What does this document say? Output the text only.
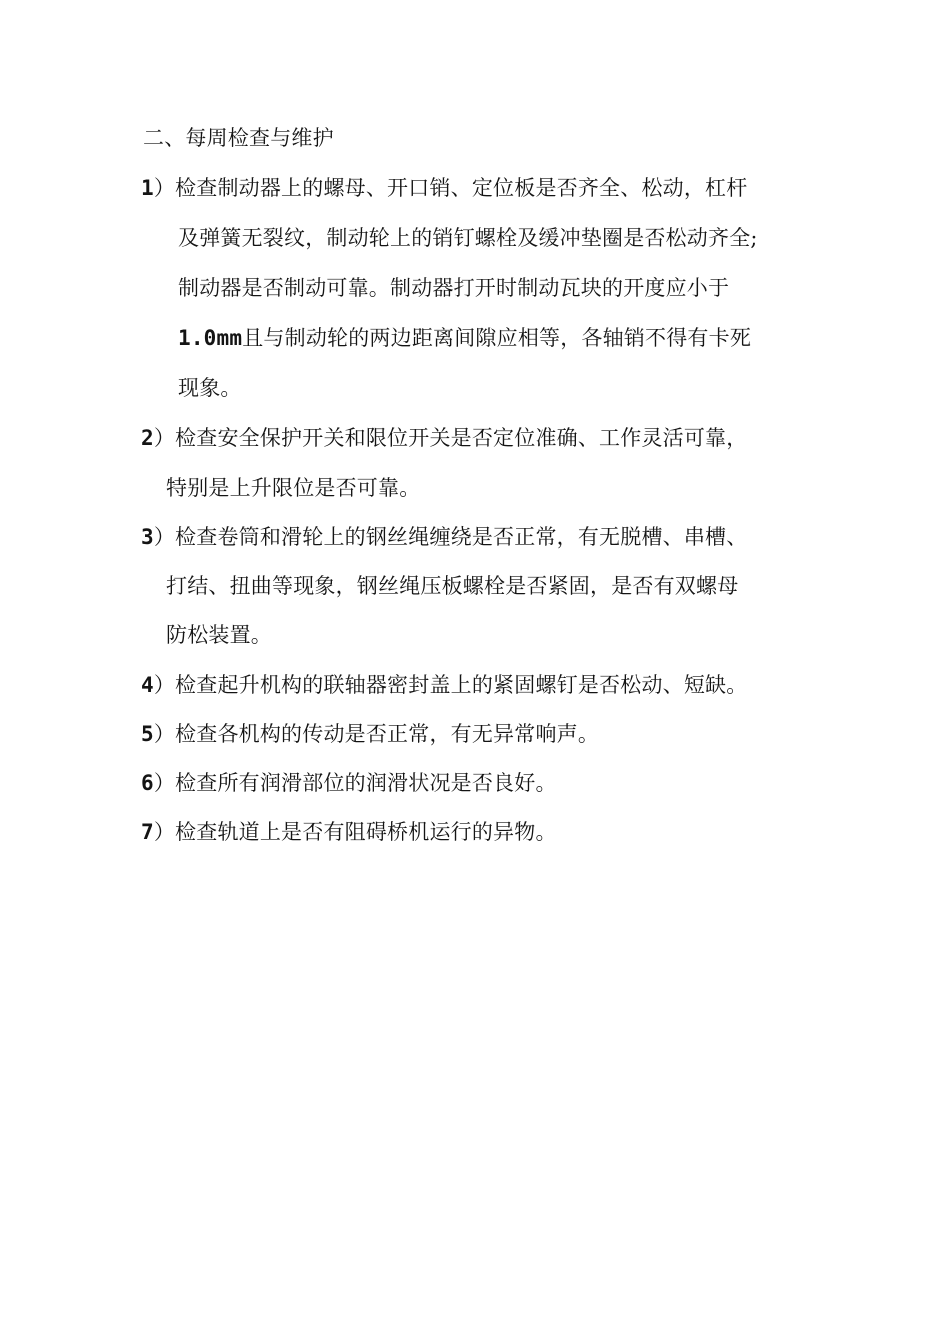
二、每周检查与维护
1）检查制动器上的螺母、开口销、定位板是否齐全、松动，杠杆
及弹簧无裂纹，制动轮上的销钉螺栓及缓冲垫圈是否松动齐全;
制动器是否制动可靠。制动器打开时制动瓦块的开度应小于
1.0mm且与制动轮的两边距离间隙应相等，各轴销不得有卡死
现象。
2）检查安全保护开关和限位开关是否定位准确、工作灵活可靠，
特别是上升限位是否可靠。
3）检查卷筒和滑轮上的钢丝绳缠绕是否正常，有无脱槽、串槽、
打结、扭曲等现象，钢丝绳压板螺栓是否紧固，是否有双螺母
防松装置。
4）检查起升机构的联轴器密封盖上的紧固螺钉是否松动、短缺。
5）检查各机构的传动是否正常，有无异常响声。
6）检查所有润滑部位的润滑状况是否良好。
7）检查轨道上是否有阻碍桥机运行的异物。
